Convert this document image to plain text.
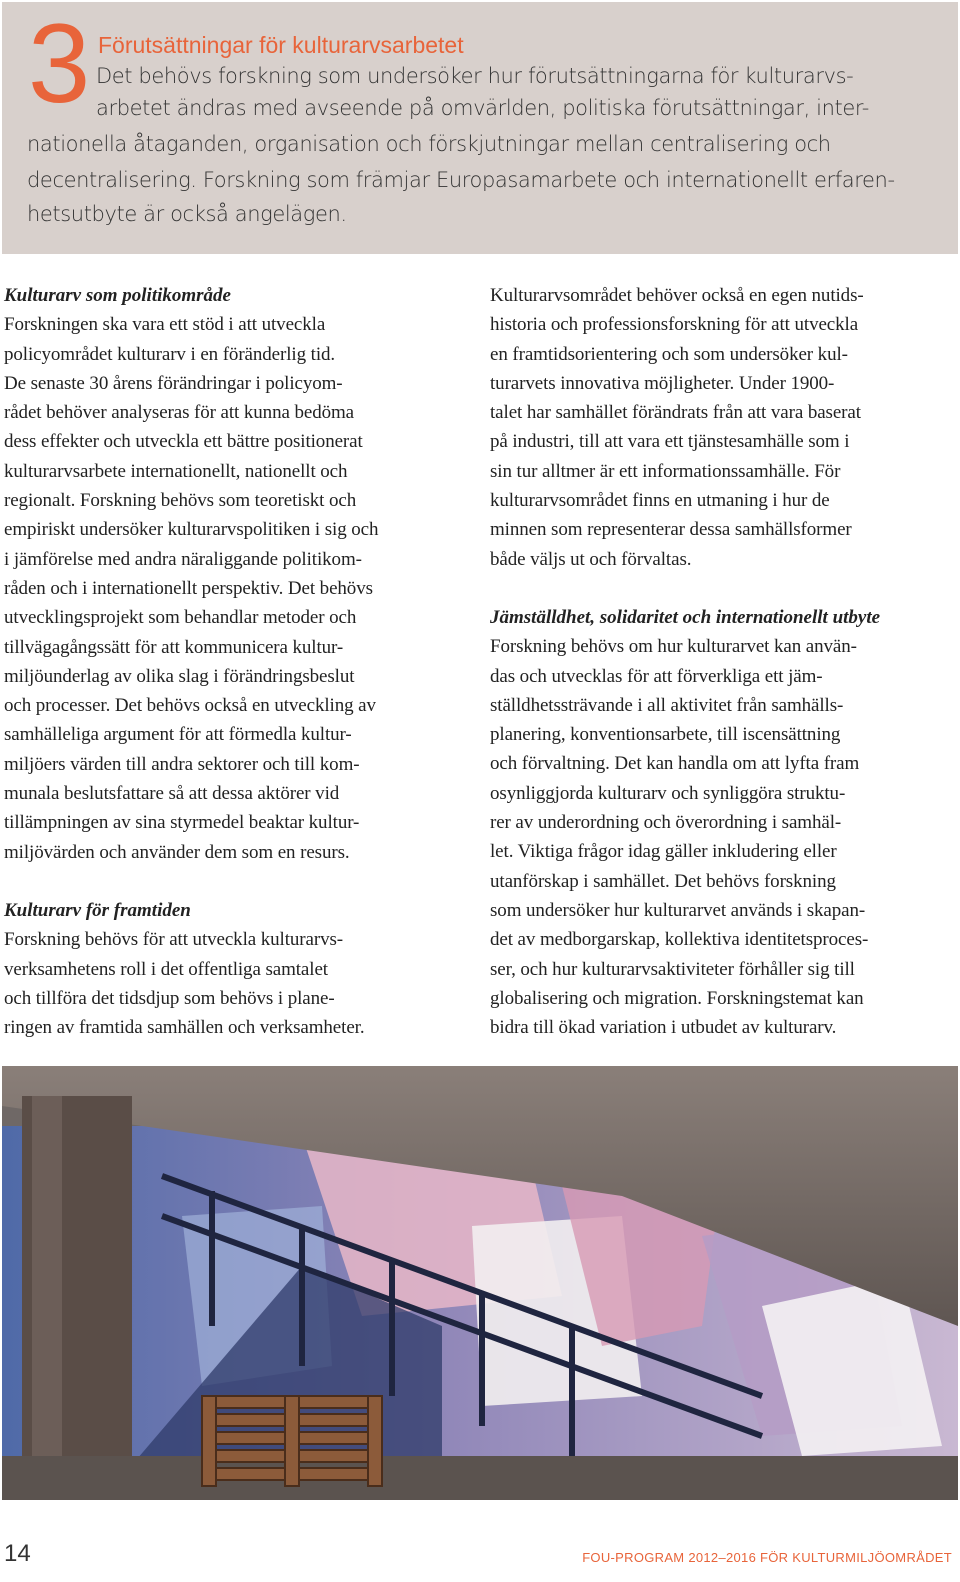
3 Förutsättningar för kulturarvsarbetet
Det behövs forskning som undersöker hur förutsättningarna för kulturarvs-
arbetet ändras med avseende på omvärlden, politiska förutsättningar, inter-
nationella åtaganden, organisation och förskjutningar mellan centralisering och
decentralisering. Forskning som främjar Europasamarbete och internationellt erfaren-
hetsutbyte är också angelägen.
Kulturarv som politikområde
Forskningen ska vara ett stöd i att utveckla
policyområdet kulturarv i en föränderlig tid.
De senaste 30 årens förändringar i policyom-
rådet behöver analyseras för att kunna bedöma
dess effekter och utveckla ett bättre positionerat
kulturarvsarbete internationellt, nationellt och
regionalt. Forskning behövs som teoretiskt och
empiriskt undersöker kulturarvspolitiken i sig och
i jämförelse med andra näraliggande politikom-
råden och i internationellt perspektiv. Det behövs
utvecklingsprojekt som behandlar metoder och
tillvägagångssätt för att kommunicera kultur-
miljöunderlag av olika slag i förändringsbeslut
och processer. Det behövs också en utveckling av
samhälleliga argument för att förmedla kultur-
miljöers värden till andra sektorer och till kom-
munala beslutsfattare så att dessa aktörer vid
tillämpningen av sina styrmedel beaktar kultur-
miljövärden och använder dem som en resurs.
Kulturarv för framtiden
Forskning behövs för att utveckla kulturarvs-
verksamhetens roll i det offentliga samtalet
och tillföra det tidsdjup som behövs i plane-
ringen av framtida samhällen och verksamheter.
Kulturarvsområdet behöver också en egen nutids-
historia och professionsforskning för att utveckla
en framtidsorientering och som undersöker kul-
turarvets innovativa möjligheter. Under 1900-
talet har samhället förändrats från att vara baserat
på industri, till att vara ett tjänstesamhälle som i
sin tur alltmer är ett informationssamhälle. För
kulturarvsområdet finns en utmaning i hur de
minnen som representerar dessa samhällsformer
både väljs ut och förvaltas.
Jämställdhet, solidaritet och internationellt utbyte
Forskning behövs om hur kulturarvet kan använ-
das och utvecklas för att förverkliga ett jäm-
ställdhetssträvande i all aktivitet från samhälls-
planering, konventionsarbete, till iscensättning
och förvaltning. Det kan handla om att lyfta fram
osynliggjorda kulturarv och synliggöra struktu-
rer av underordning och överordning i samhäl-
let. Viktiga frågor idag gäller inkludering eller
utanförskap i samhället. Det behövs forskning
som undersöker hur kulturarvet används i skapan-
det av medborgarskap, kollektiva identitetsproces-
ser, och hur kulturarvsaktiviteter förhåller sig till
globalisering och migration. Forskningstemat kan
bidra till ökad variation i utbudet av kulturarv.
14	FOU-PROGRAM 2012–2016 FÖR KULTURMILJÖOMRÅDET
